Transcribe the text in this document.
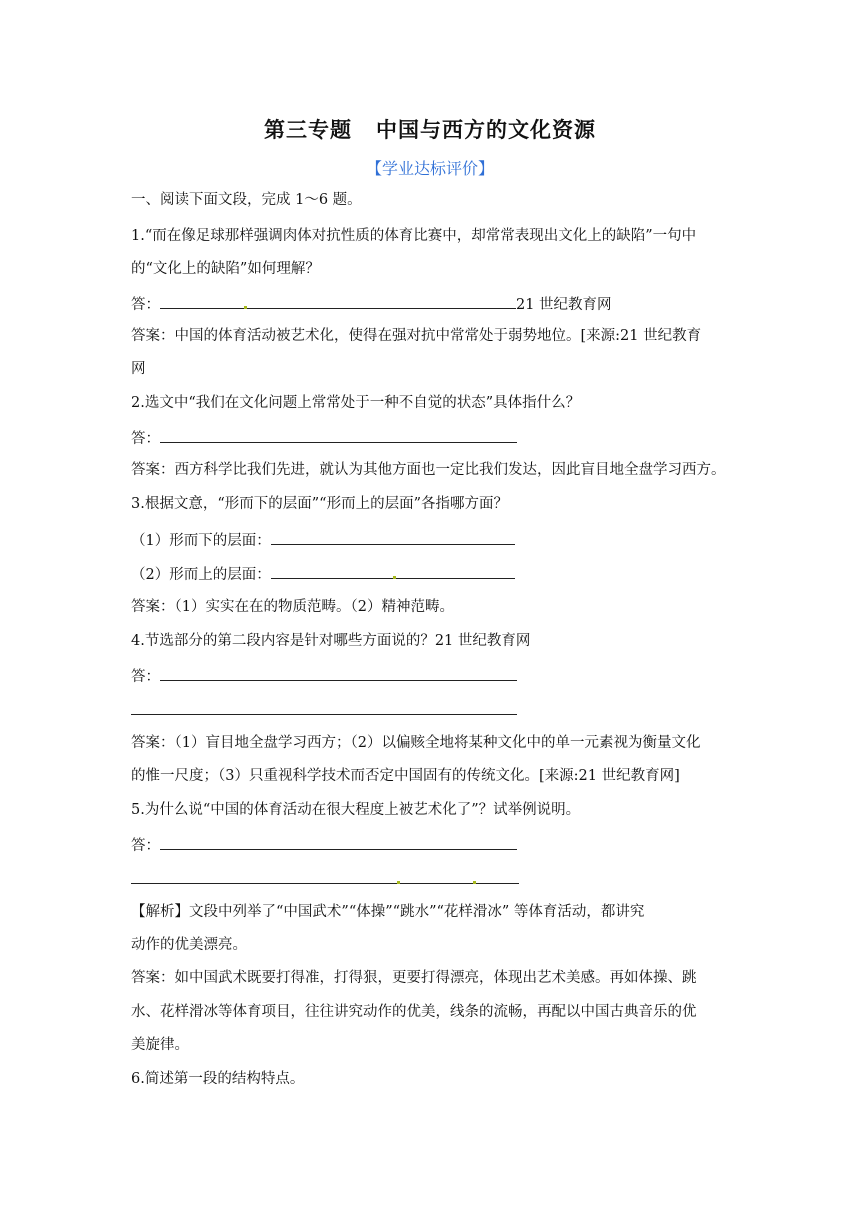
第三专题 中国与西方的文化资源
【学业达标评价】
一、阅读下面文段，完成 1～6 题。
1.“而在像足球那样强调肉体对抗性质的体育比赛中，却常常表现出文化上的缺陷”一句中
的“文化上的缺陷”如何理解？
答：	21 世纪教育网
答案：中国的体育活动被艺术化，使得在强对抗中常常处于弱势地位。[来源:21 世纪教育
网
2.选文中“我们在文化问题上常常处于一种不自觉的状态”具体指什么？
答：
答案：西方科学比我们先进，就认为其他方面也一定比我们发达，因此盲目地全盘学习西方。
3.根据文意，“形而下的层面”“形而上的层面”各指哪方面？
（1）形而下的层面：
（2）形而上的层面：
答案：（1）实实在在的物质范畴。（2）精神范畴。
4.节选部分的第二段内容是针对哪些方面说的？21 世纪教育网
答：
答案：（1）盲目地全盘学习西方；（2）以偏赅全地将某种文化中的单一元素视为衡量文化
的惟一尺度；（3）只重视科学技术而否定中国固有的传统文化。[来源:21 世纪教育网]
5.为什么说“中国的体育活动在很大程度上被艺术化了”？试举例说明。
答：
【解析】文段中列举了“中国武术”“体操”“跳水”“花样滑冰” 等体育活动，都讲究
动作的优美漂亮。
答案：如中国武术既要打得准，打得狠，更要打得漂亮，体现出艺术美感。再如体操、跳
水、花样滑冰等体育项目，往往讲究动作的优美，线条的流畅，再配以中国古典音乐的优
美旋律。
6.简述第一段的结构特点。
